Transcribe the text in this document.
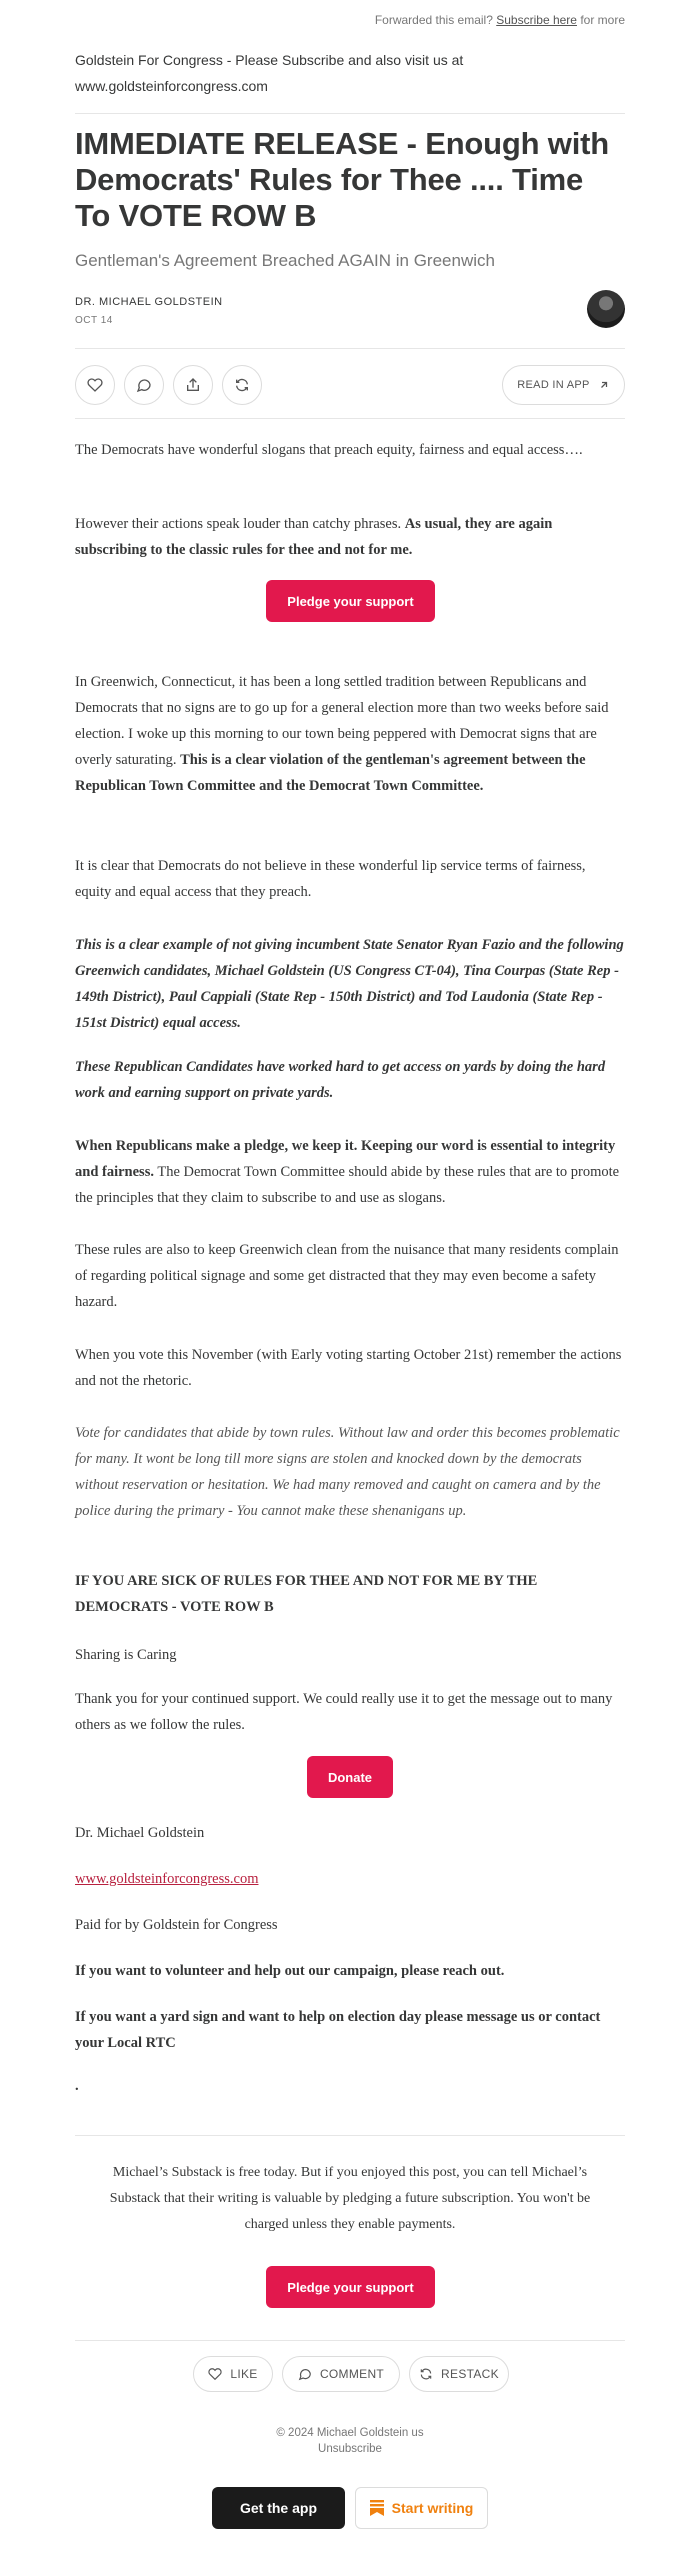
Forwarded this email? Subscribe here for more
Goldstein For Congress - Please Subscribe and also visit us at www.goldsteinforcongress.com
IMMEDIATE RELEASE - Enough with Democrats' Rules for Thee .... Time To VOTE ROW B
Gentleman's Agreement Breached AGAIN in Greenwich
DR. MICHAEL GOLDSTEIN
OCT 14
READ IN APP
The Democrats have wonderful slogans that preach equity, fairness and equal access….
However their actions speak louder than catchy phrases. As usual, they are again subscribing to the classic rules for thee and not for me.
Pledge your support
In Greenwich, Connecticut, it has been a long settled tradition between Republicans and Democrats that no signs are to go up for a general election more than two weeks before said election. I woke up this morning to our town being peppered with Democrat signs that are overly saturating. This is a clear violation of the gentleman's agreement between the Republican Town Committee and the Democrat Town Committee.
It is clear that Democrats do not believe in these wonderful lip service terms of fairness, equity and equal access that they preach.
This is a clear example of not giving incumbent State Senator Ryan Fazio and the following Greenwich candidates, Michael Goldstein (US Congress CT-04), Tina Courpas (State Rep - 149th District), Paul Cappiali (State Rep - 150th District) and Tod Laudonia (State Rep - 151st District) equal access.
These Republican Candidates have worked hard to get access on yards by doing the hard work and earning support on private yards.
When Republicans make a pledge, we keep it. Keeping our word is essential to integrity and fairness. The Democrat Town Committee should abide by these rules that are to promote the principles that they claim to subscribe to and use as slogans.
These rules are also to keep Greenwich clean from the nuisance that many residents complain of regarding political signage and some get distracted that they may even become a safety hazard.
When you vote this November (with Early voting starting October 21st) remember the actions and not the rhetoric.
Vote for candidates that abide by town rules. Without law and order this becomes problematic for many. It wont be long till more signs are stolen and knocked down by the democrats without reservation or hesitation. We had many removed and caught on camera and by the police during the primary - You cannot make these shenanigans up.
IF YOU ARE SICK OF RULES FOR THEE AND NOT FOR ME BY THE DEMOCRATS - VOTE ROW B
Sharing is Caring
Thank you for your continued support. We could really use it to get the message out to many others as we follow the rules.
Donate
Dr. Michael Goldstein
www.goldsteinforcongress.com
Paid for by Goldstein for Congress
If you want to volunteer and help out our campaign, please reach out.
If you want a yard sign and want to help on election day please message us or contact your Local RTC
.
Michael’s Substack is free today. But if you enjoyed this post, you can tell Michael’s Substack that their writing is valuable by pledging a future subscription. You won't be charged unless they enable payments.
Pledge your support
LIKE	COMMENT	RESTACK
© 2024 Michael Goldstein us
Unsubscribe
Get the app	Start writing
